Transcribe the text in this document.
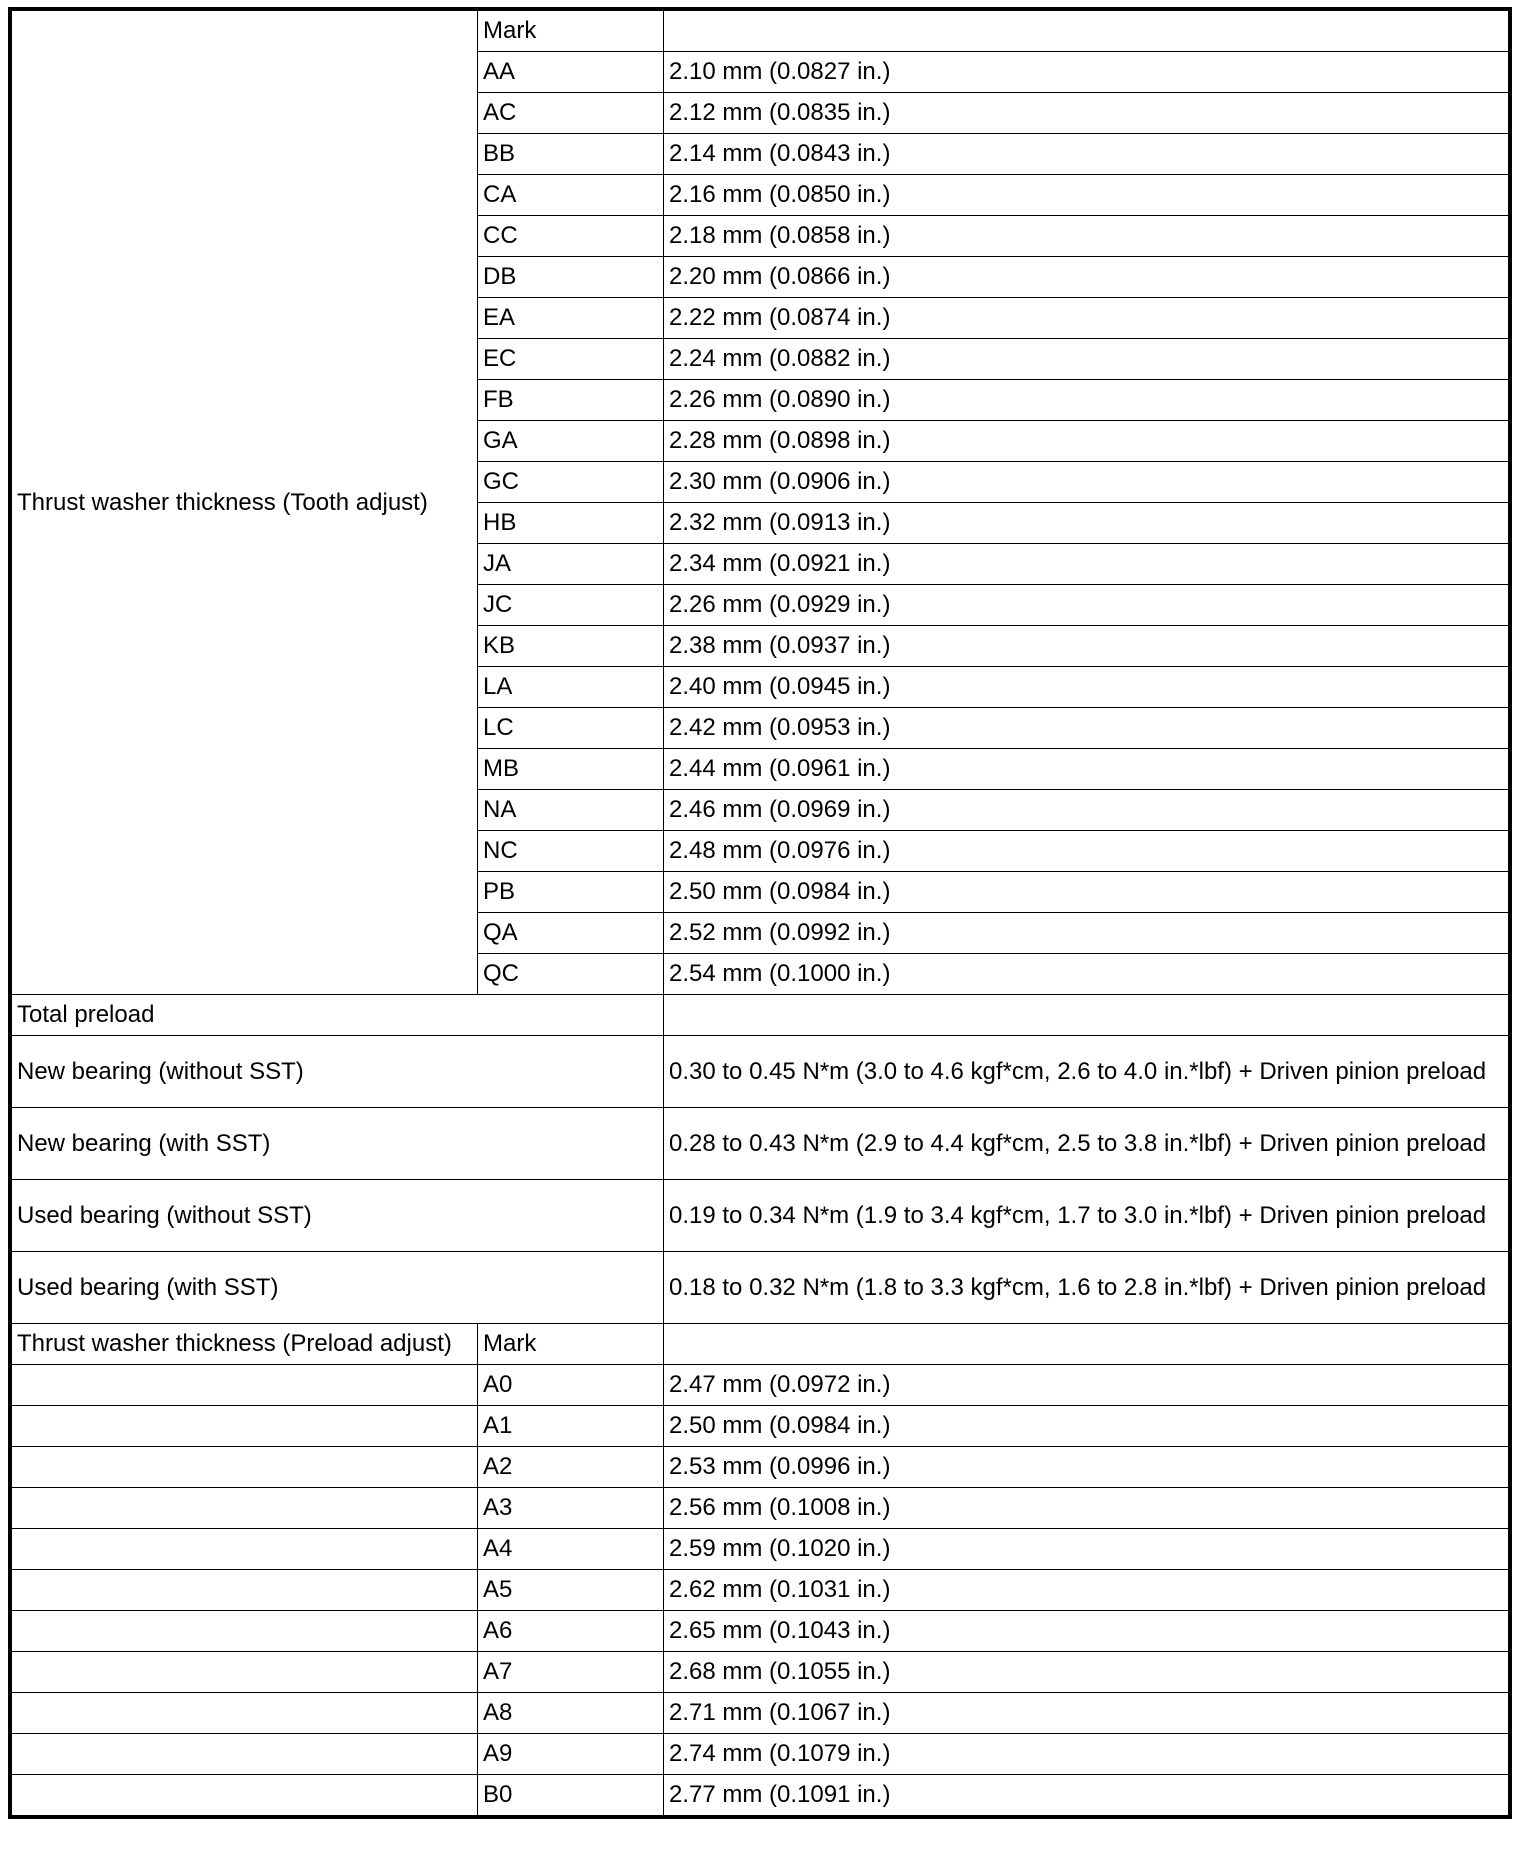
Thrust washer thickness (Tooth adjust)	Mark	
	AA	2.10 mm (0.0827 in.)
	AC	2.12 mm (0.0835 in.)
	BB	2.14 mm (0.0843 in.)
	CA	2.16 mm (0.0850 in.)
	CC	2.18 mm (0.0858 in.)
	DB	2.20 mm (0.0866 in.)
	EA	2.22 mm (0.0874 in.)
	EC	2.24 mm (0.0882 in.)
	FB	2.26 mm (0.0890 in.)
	GA	2.28 mm (0.0898 in.)
	GC	2.30 mm (0.0906 in.)
	HB	2.32 mm (0.0913 in.)
	JA	2.34 mm (0.0921 in.)
	JC	2.26 mm (0.0929 in.)
	KB	2.38 mm (0.0937 in.)
	LA	2.40 mm (0.0945 in.)
	LC	2.42 mm (0.0953 in.)
	MB	2.44 mm (0.0961 in.)
	NA	2.46 mm (0.0969 in.)
	NC	2.48 mm (0.0976 in.)
	PB	2.50 mm (0.0984 in.)
	QA	2.52 mm (0.0992 in.)
	QC	2.54 mm (0.1000 in.)
Total preload		
New bearing (without SST)		0.30 to 0.45 N*m (3.0 to 4.6 kgf*cm, 2.6 to 4.0 in.*lbf) + Driven pinion preload
New bearing (with SST)		0.28 to 0.43 N*m (2.9 to 4.4 kgf*cm, 2.5 to 3.8 in.*lbf) + Driven pinion preload
Used bearing (without SST)		0.19 to 0.34 N*m (1.9 to 3.4 kgf*cm, 1.7 to 3.0 in.*lbf) + Driven pinion preload
Used bearing (with SST)		0.18 to 0.32 N*m (1.8 to 3.3 kgf*cm, 1.6 to 2.8 in.*lbf) + Driven pinion preload
Thrust washer thickness (Preload adjust)	Mark	
	A0	2.47 mm (0.0972 in.)
	A1	2.50 mm (0.0984 in.)
	A2	2.53 mm (0.0996 in.)
	A3	2.56 mm (0.1008 in.)
	A4	2.59 mm (0.1020 in.)
	A5	2.62 mm (0.1031 in.)
	A6	2.65 mm (0.1043 in.)
	A7	2.68 mm (0.1055 in.)
	A8	2.71 mm (0.1067 in.)
	A9	2.74 mm (0.1079 in.)
	B0	2.77 mm (0.1091 in.)
